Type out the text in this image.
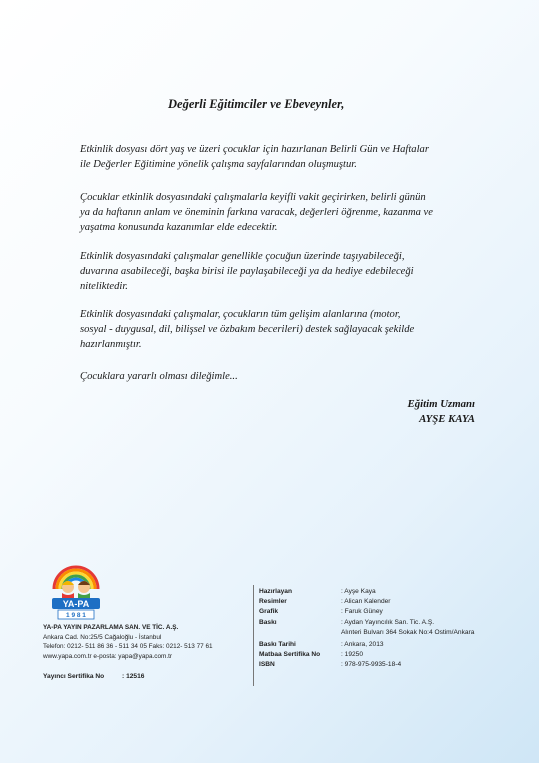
Değerli Eğitimciler ve Ebeveynler,

Etkinlik dosyası dört yaş ve üzeri çocuklar için hazırlanan Belirli Gün ve Haftalar
ile Değerler Eğitimine yönelik çalışma sayfalarından oluşmuştur.

Çocuklar etkinlik dosyasındaki çalışmalarla keyifli vakit geçirirken, belirli günün
ya da haftanın anlam ve öneminin farkına varacak, değerleri öğrenme, kazanma ve
yaşatma konusunda kazanımlar elde edecektir.

Etkinlik dosyasındaki çalışmalar genellikle çocuğun üzerinde taşıyabileceği,
duvarına asabileceği, başka birisi ile paylaşabileceği ya da hediye edebileceği
niteliktedir.

Etkinlik dosyasındaki çalışmalar, çocukların tüm gelişim alanlarına (motor,
sosyal - duygusal, dil, bilişsel ve özbakım becerileri) destek sağlayacak şekilde
hazırlanmıştır.

Çocuklara yararlı olması dileğimle...

Eğitim Uzmanı

AYŞE KAYA

YA-PA
1 9 8 1
YA-PA YAYIN PAZARLAMA SAN. VE TİC. A.Ş.
Ankara Cad. No:25/5 Cağaloğlu - İstanbul
Telefon: 0212- 511 86 36 - 511 34 05 Faks: 0212- 513 77 61
www.yapa.com.tr e-posta: yapa@yapa.com.tr
Yayıncı Sertifika No	: 12516
Hazırlayan	: Ayşe Kaya
Resimler	: Alican Kalender
Grafik	: Faruk Güney
Baskı	: Aydan Yayıncılık San. Tic. A.Ş.
Alınteri Bulvarı 364 Sokak No:4 Ostim/Ankara
Baskı Tarihi	: Ankara, 2013
Matbaa Sertifika No	: 19250
ISBN	: 978-975-9935-18-4
